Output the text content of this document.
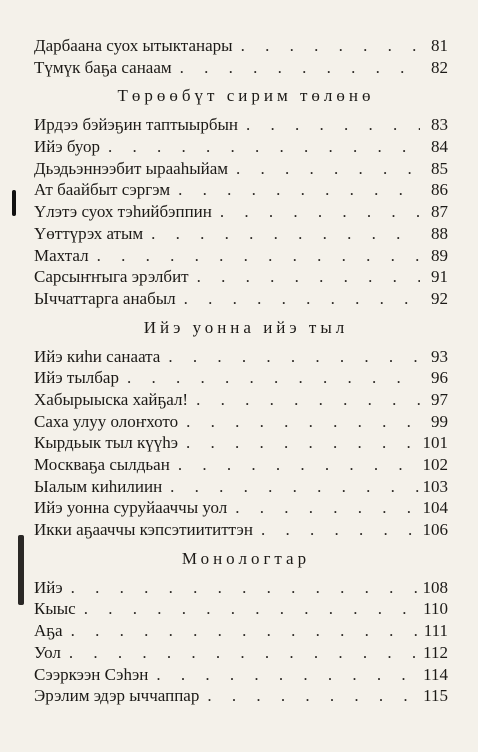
Дарбаана суох ытыктанары . . .	81
Түмүк баҕа санаам . . .	82
Төрөөбүт сирим төлөнө
Ирдээ бэйэҕин таптыырбын . . .	83
Ийэ буор . . .	84
Дьэдьэннээбит ырааһыйам . . .	85
Ат баайбыт сэргэм . . .	86
Үлэтэ суох тэһийбэппин . . .	87
Үөттүрэх атым . . .	88
Махтал . . .	89
Сарсыҥҥыга эрэлбит . . .	91
Ыччаттарга анабыл . . .	92
Ийэ уонна ийэ тыл
Ийэ киһи санаата . . .	93
Ийэ тылбар . . .	96
Хабырыыска хайҕал! . . .	97
Саха улуу олоҥхото . . .	99
Кырдьык тыл күүһэ . . .	101
Москваҕа сылдьан . . .	102
Ыалым киһилиин . . .	103
Ийэ уонна суруйааччы уол . . .	104
Икки аҕааччы кэпсэтиититтэн . . .	106
Монологтар
Ийэ . . .	108
Кыыс . . .	110
Аҕа . . .	111
Уол . . .	112
Сээркээн Сэһэн . . .	114
Эрэлим эдэр ыччаппар . . .	115
